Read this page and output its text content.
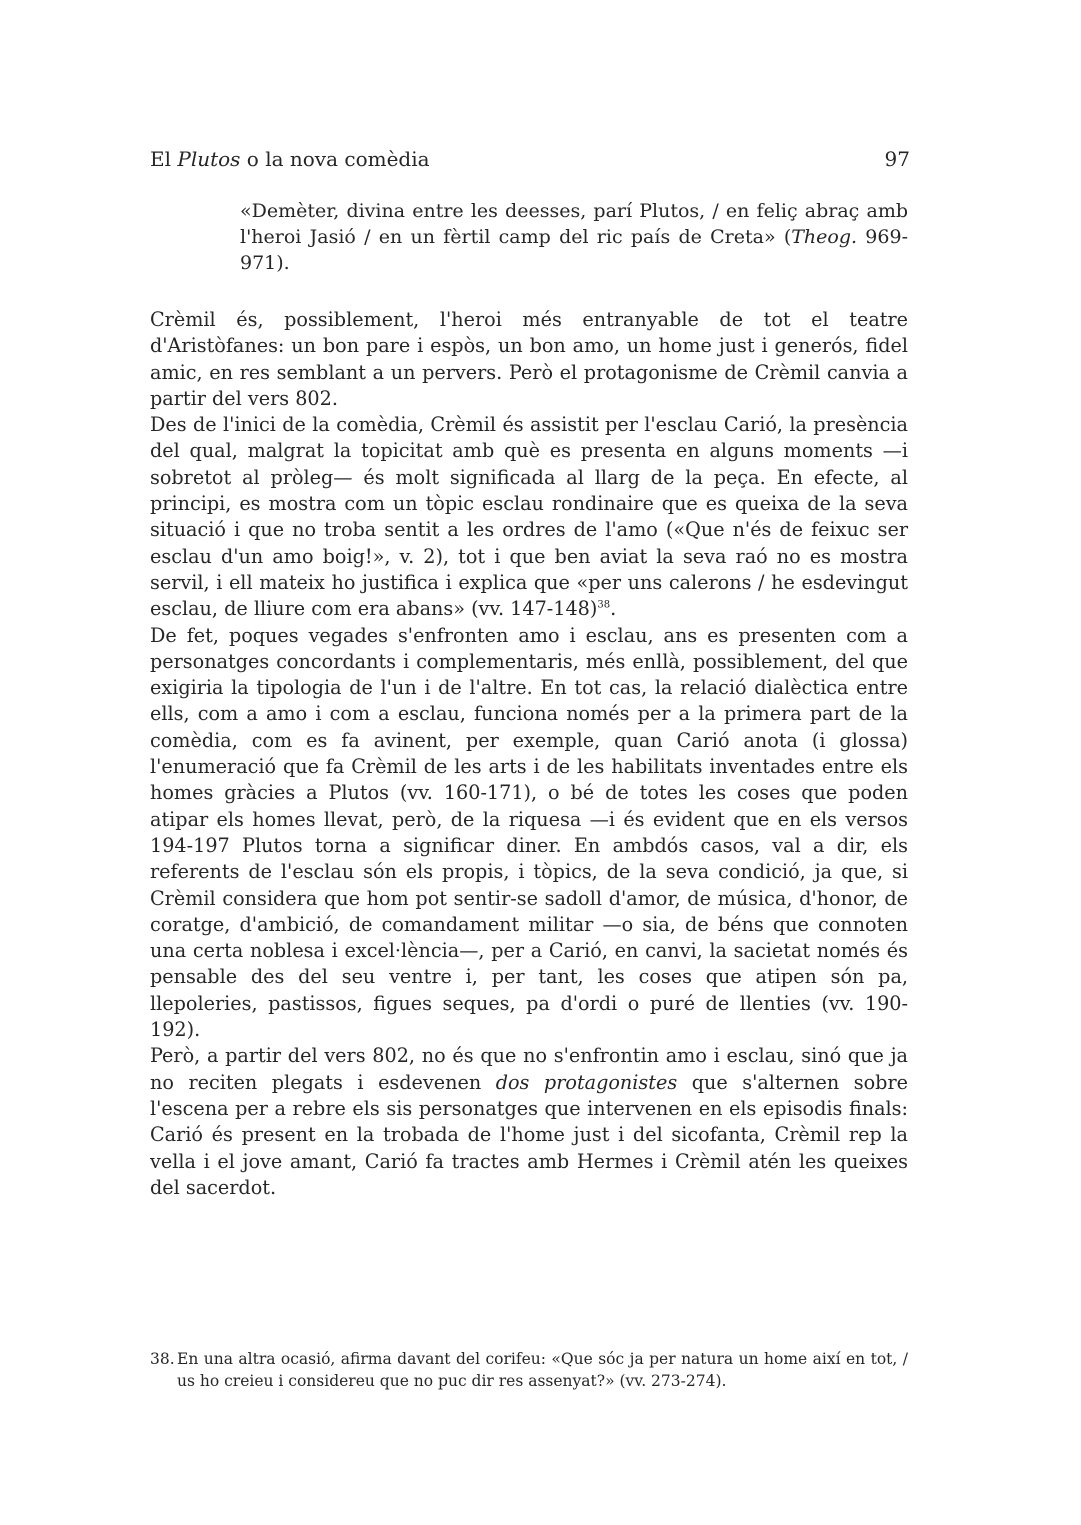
El Plutos o la nova comèdia	97
«Demèter, divina entre les deesses, parí Plutos, / en feliç abraç amb l'heroi Jasió / en un fèrtil camp del ric país de Creta» (Theog. 969-971).

Crèmil és, possiblement, l'heroi més entranyable de tot el teatre d'Aristòfanes: un bon pare i espòs, un bon amo, un home just i generós, fidel amic, en res semblant a un pervers. Però el protagonisme de Crèmil canvia a partir del vers 802.

Des de l'inici de la comèdia, Crèmil és assistit per l'esclau Carió, la presència del qual, malgrat la topicitat amb què es presenta en alguns moments —i sobretot al pròleg— és molt significada al llarg de la peça. En efecte, al principi, es mostra com un tòpic esclau rondinaire que es queixa de la seva situació i que no troba sentit a les ordres de l'amo («Que n'és de feixuc ser esclau d'un amo boig!», v. 2), tot i que ben aviat la seva raó no es mostra servil, i ell mateix ho justifica i explica que «per uns calerons / he esdevingut esclau, de lliure com era abans» (vv. 147-148)$^{38}$.

De fet, poques vegades s'enfronten amo i esclau, ans es presenten com a personatges concordants i complementaris, més enllà, possiblement, del que exigiria la tipologia de l'un i de l'altre. En tot cas, la relació dialèctica entre ells, com a amo i com a esclau, funciona només per a la primera part de la comèdia, com es fa avinent, per exemple, quan Carió anota (i glossa) l'enumeració que fa Crèmil de les arts i de les habilitats inventades entre els homes gràcies a Plutos (vv. 160-171), o bé de totes les coses que poden atipar els homes llevat, però, de la riquesa —i és evident que en els versos 194-197 Plutos torna a significar diner. En ambdós casos, val a dir, els referents de l'esclau són els propis, i tòpics, de la seva condició, ja que, si Crèmil considera que hom pot sentir-se sadoll d'amor, de música, d'honor, de coratge, d'ambició, de comandament militar —o sia, de béns que connoten una certa noblesa i excel·lència—, per a Carió, en canvi, la sacietat només és pensable des del seu ventre i, per tant, les coses que atipen són pa, llepoleries, pastissos, figues seques, pa d'ordi o puré de llenties (vv. 190-192).

Però, a partir del vers 802, no és que no s'enfrontin amo i esclau, sinó que ja no reciten plegats i esdevenen dos protagonistes que s'alternen sobre l'escena per a rebre els sis personatges que intervenen en els episodis finals: Carió és present en la trobada de l'home just i del sicofanta, Crèmil rep la vella i el jove amant, Carió fa tractes amb Hermes i Crèmil atén les queixes del sacerdot.

38. En una altra ocasió, afirma davant del corifeu: «Que sóc ja per natura un home així en tot, / us ho creieu i considereu que no puc dir res assenyat?» (vv. 273-274).
